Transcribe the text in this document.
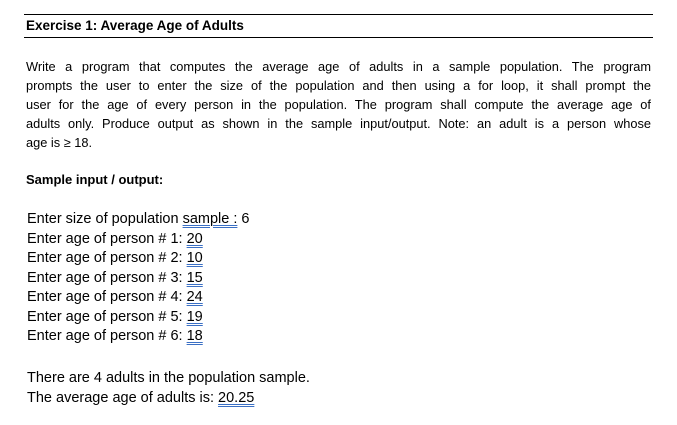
Exercise 1: Average Age of Adults
Write a program that computes the average age of adults in a sample population. The program
prompts the user to enter the size of the population and then using a for loop, it shall prompt the
user for the age of every person in the population. The program shall compute the average age of
adults only. Produce output as shown in the sample input/output. Note: an adult is a person whose
age is ≥ 18.
Sample input / output:
Enter size of population sample : 6
Enter age of person # 1: 20
Enter age of person # 2: 10
Enter age of person # 3: 15
Enter age of person # 4: 24
Enter age of person # 5: 19
Enter age of person # 6: 18
There are 4 adults in the population sample.
The average age of adults is: 20.25
